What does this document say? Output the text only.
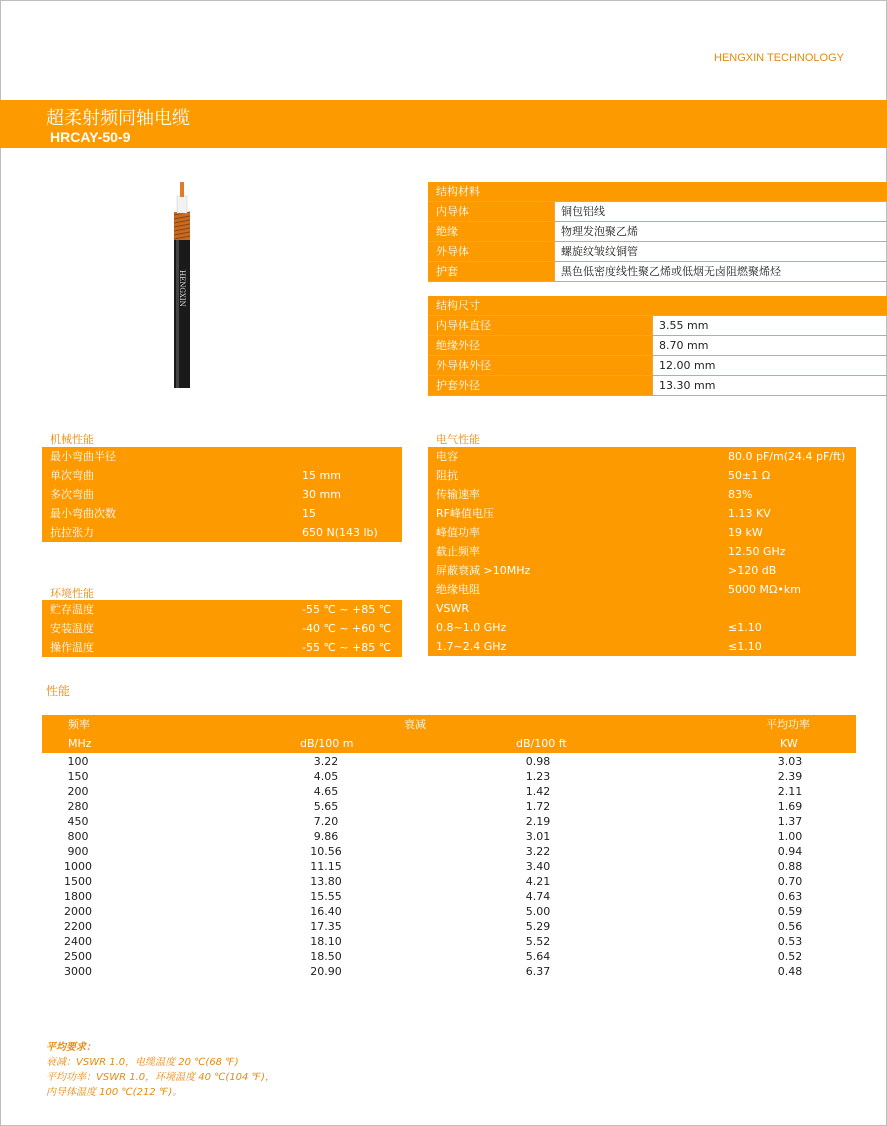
HENGXIN TECHNOLOGY
超柔射频同轴电缆
HRCAY-50-9
HENGXIN
结构材料
内导体	铜包铝线
绝缘	物理发泡聚乙烯
外导体	螺旋纹皱纹铜管
护套	黑色低密度线性聚乙烯或低烟无卤阻燃聚烯烃
结构尺寸
内导体直径	3.55 mm
绝缘外径	8.70 mm
外导体外径	12.00 mm
护套外径	13.30 mm
机械性能
最小弯曲半径
单次弯曲	15 mm
多次弯曲	30 mm
最小弯曲次数	15
抗拉张力	650 N(143 lb)
环境性能
贮存温度	-55 ℃ ~ +85 ℃
安装温度	-40 ℃ ~ +60 ℃
操作温度	-55 ℃ ~ +85 ℃
电气性能
电容	80.0 pF/m(24.4 pF/ft)
阻抗	50±1 Ω
传输速率	83%
RF峰值电压	1.13 KV
峰值功率	19 kW
截止频率	12.50 GHz
屏蔽衰减 >10MHz	>120 dB
绝缘电阻	5000 MΩ•km
VSWR
0.8~1.0 GHz	≤1.10
1.7~2.4 GHz	≤1.10
性能
频率	衰减	平均功率
MHz	dB/100 m	dB/100 ft	KW
100	3.22	0.98	3.03
150	4.05	1.23	2.39
200	4.65	1.42	2.11
280	5.65	1.72	1.69
450	7.20	2.19	1.37
800	9.86	3.01	1.00
900	10.56	3.22	0.94
1000	11.15	3.40	0.88
1500	13.80	4.21	0.70
1800	15.55	4.74	0.63
2000	16.40	5.00	0.59
2200	17.35	5.29	0.56
2400	18.10	5.52	0.53
2500	18.50	5.64	0.52
3000	20.90	6.37	0.48
平均要求：
衰减：VSWR 1.0，电缆温度 20 ℃(68 ℉)
平均功率：VSWR 1.0，环境温度 40 ℃(104 ℉)，
内导体温度 100 ℃(212 ℉)。
